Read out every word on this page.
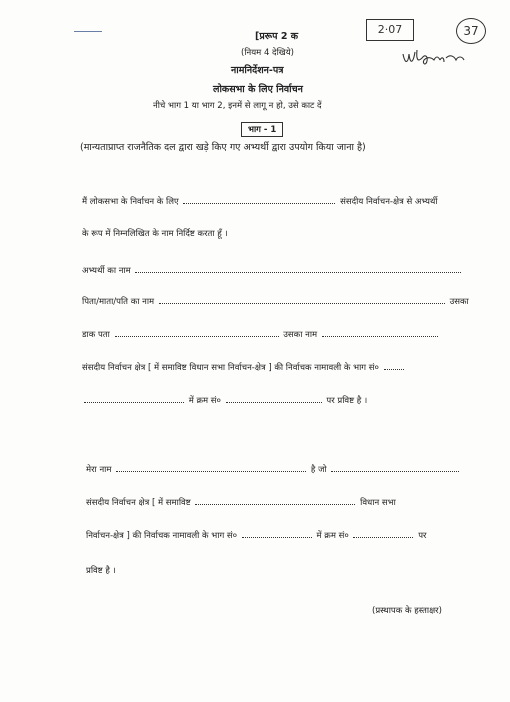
2·07	37
[प्ररूप 2 क
(नियम 4 देखिये)
नामनिर्देशन-पत्र
लोकसभा के लिए निर्वाचन
नीचे भाग 1 या भाग 2, इनमें से लागू न हो, उसे काट दें
भाग - 1
(मान्यताप्राप्त राजनैतिक दल द्वारा खड़े किए गए अभ्यर्थी द्वारा उपयोग किया जाना है)
मैं लोकसभा के निर्वाचन के लिए	संसदीय निर्वाचन-क्षेत्र से अभ्यर्थी
के रूप में निम्नलिखित के नाम निर्दिष्ट करता हूँ ।
अभ्यर्थी का नाम
पिता/माता/पति का नाम	उसका
डाक पता	उसका नाम
संसदीय निर्वाचन क्षेत्र [ में समाविष्ट विधान सभा निर्वाचन-क्षेत्र ] की निर्वाचक नामावली के भाग सं०
में क्रम सं०	पर प्रविष्ट है ।
मेरा नाम	है जो
संसदीय निर्वाचन क्षेत्र [ में समाविष्ट	विधान सभा
निर्वाचन-क्षेत्र ] की निर्वाचक नामावली के भाग सं०	में क्रम सं०	पर
प्रविष्ट है ।
(प्रस्थापक के हस्ताक्षर)
